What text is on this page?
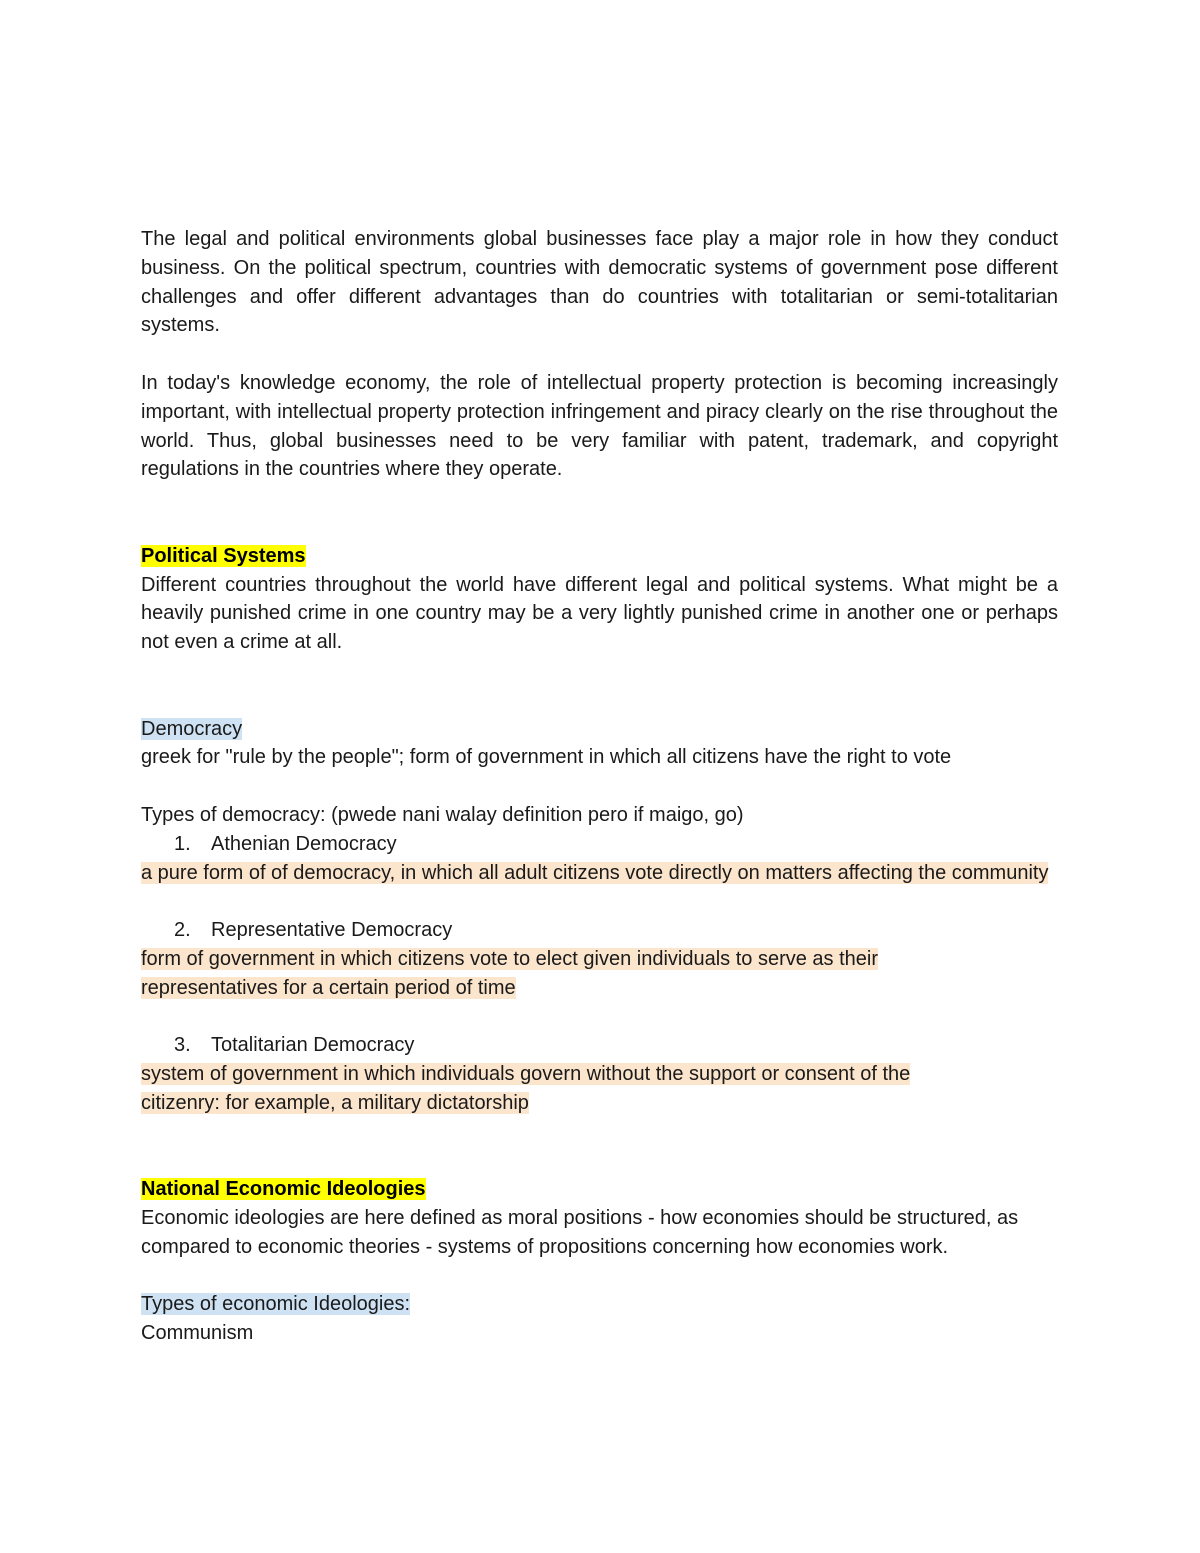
The legal and political environments global businesses face play a major role in how they conduct business. On the political spectrum, countries with democratic systems of government pose different challenges and offer different advantages than do countries with totalitarian or semi-totalitarian systems.

In today's knowledge economy, the role of intellectual property protection is becoming increasingly important, with intellectual property protection infringement and piracy clearly on the rise throughout the world. Thus, global businesses need to be very familiar with patent, trademark, and copyright regulations in the countries where they operate.

Political Systems

Different countries throughout the world have different legal and political systems. What might be a heavily punished crime in one country may be a very lightly punished crime in another one or perhaps not even a crime at all.

Democracy

greek for "rule by the people"; form of government in which all citizens have the right to vote

Types of democracy: (pwede nani walay definition pero if maigo, go)

1. Athenian Democracy

a pure form of of democracy, in which all adult citizens vote directly on matters affecting the community

2. Representative Democracy

form of government in which citizens vote to elect given individuals to serve as their representatives for a certain period of time

3. Totalitarian Democracy

system of government in which individuals govern without the support or consent of the citizenry: for example, a military dictatorship

National Economic Ideologies

Economic ideologies are here defined as moral positions - how economies should be structured, as compared to economic theories - systems of propositions concerning how economies work.

Types of economic Ideologies:

Communism
